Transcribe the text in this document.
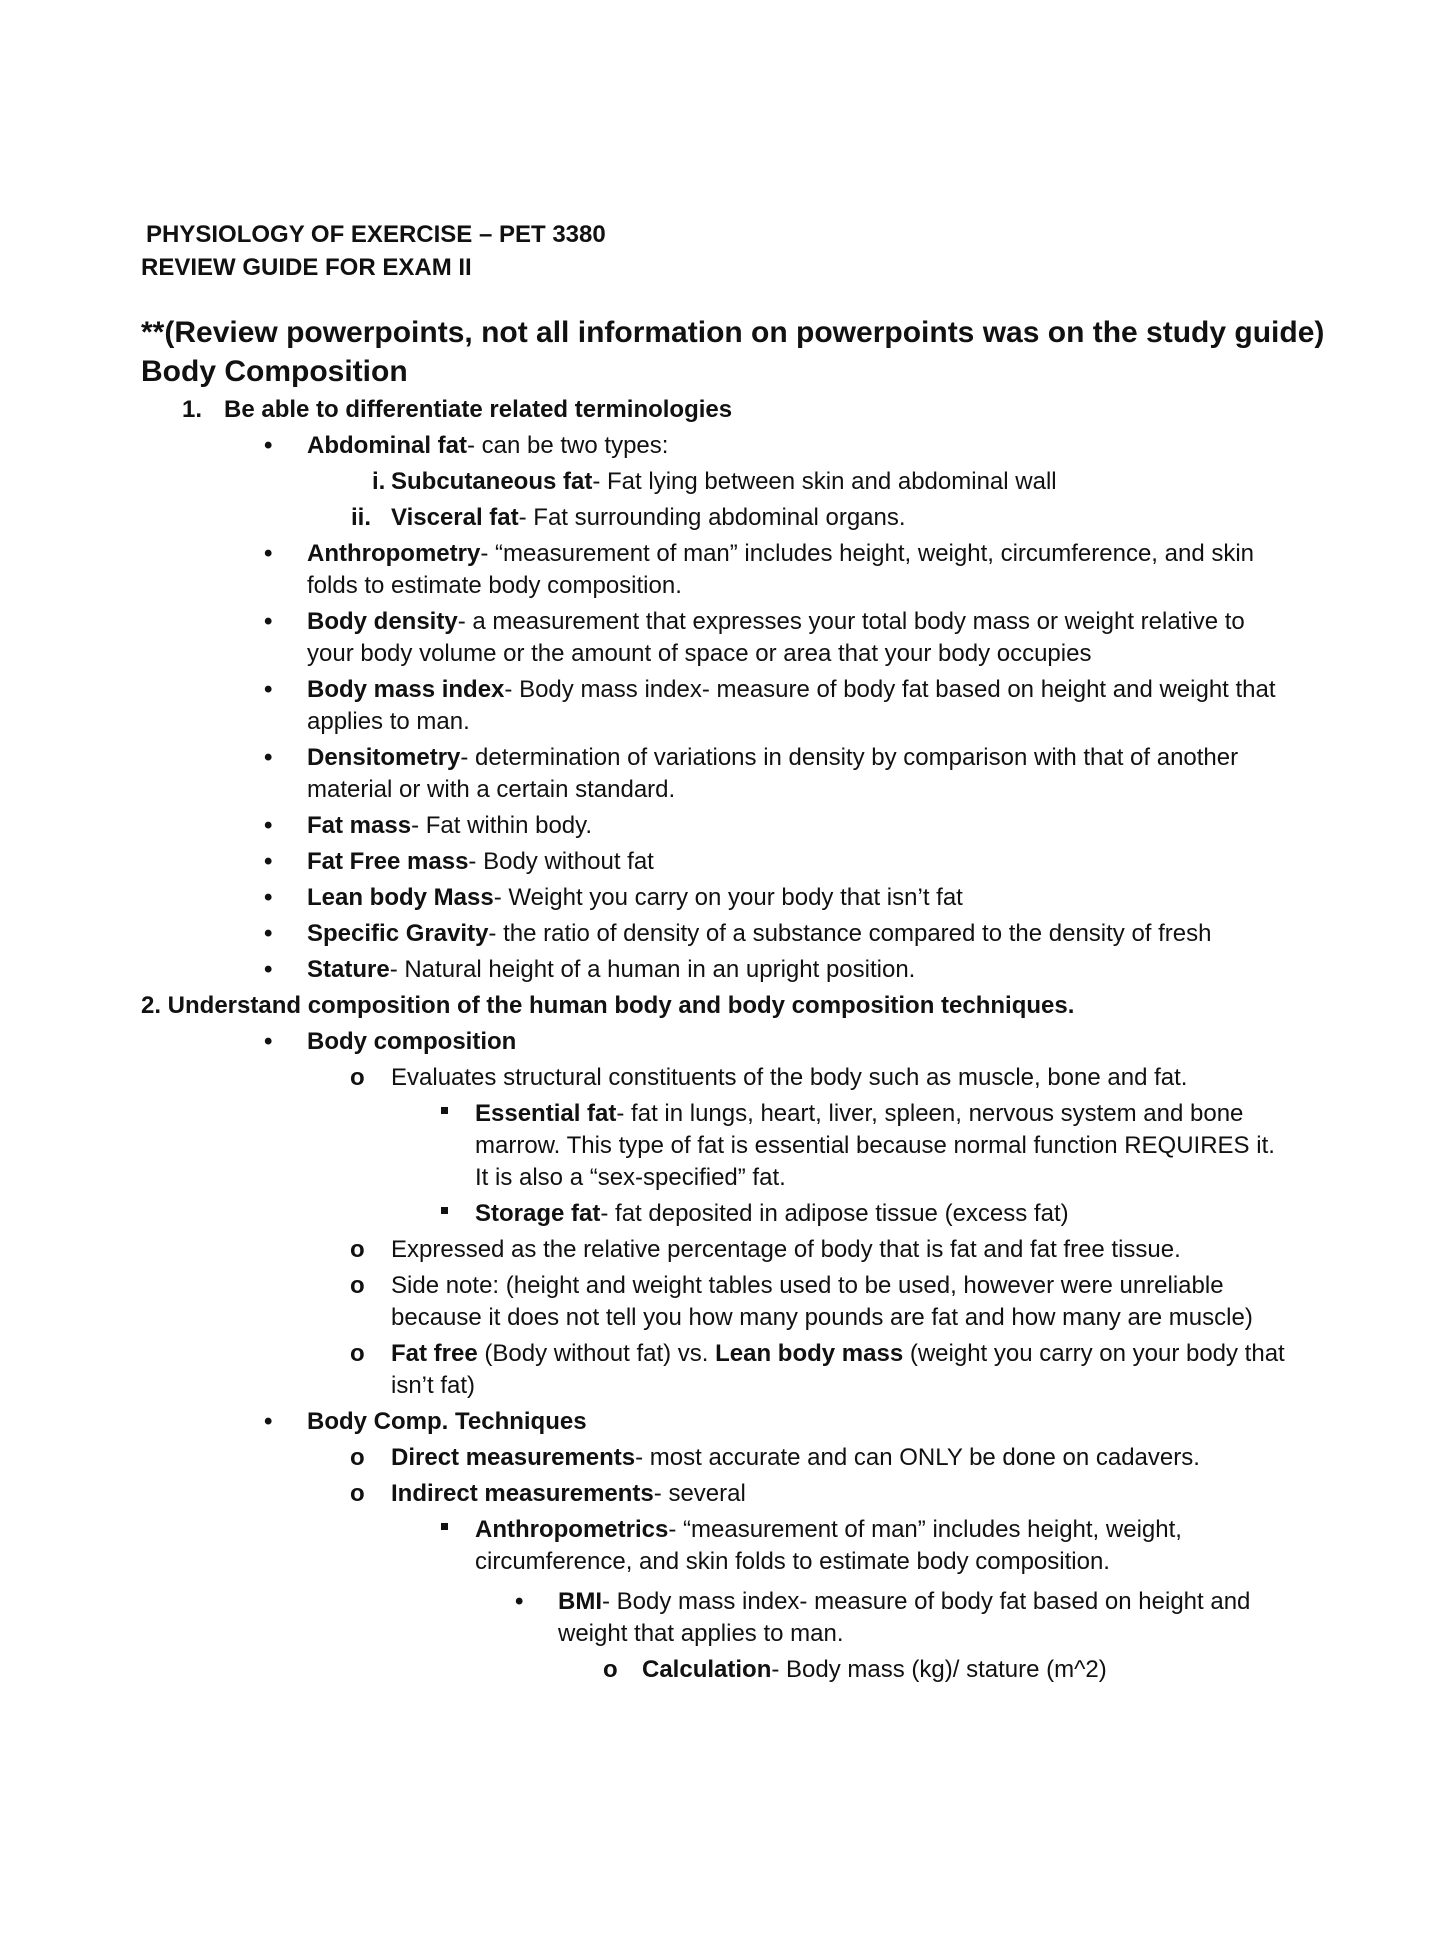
PHYSIOLOGY OF EXERCISE – PET 3380
REVIEW GUIDE FOR EXAM II
**(Review powerpoints, not all information on powerpoints was on the study guide)
Body Composition
1. Be able to differentiate related terminologies
• Abdominal fat- can be two types:
i. Subcutaneous fat- Fat lying between skin and abdominal wall
ii. Visceral fat- Fat surrounding abdominal organs.
• Anthropometry- “measurement of man” includes height, weight, circumference, and skin
folds to estimate body composition.
• Body density- a measurement that expresses your total body mass or weight relative to
your body volume or the amount of space or area that your body occupies
• Body mass index- Body mass index- measure of body fat based on height and weight that
applies to man.
• Densitometry- determination of variations in density by comparison with that of another
material or with a certain standard.
• Fat mass- Fat within body.
• Fat Free mass- Body without fat
• Lean body Mass- Weight you carry on your body that isn’t fat
• Specific Gravity- the ratio of density of a substance compared to the density of fresh
• Stature- Natural height of a human in an upright position.
2. Understand composition of the human body and body composition techniques.
• Body composition
o Evaluates structural constituents of the body such as muscle, bone and fat.
Essential fat- fat in lungs, heart, liver, spleen, nervous system and bone
marrow. This type of fat is essential because normal function REQUIRES it.
It is also a “sex-specified” fat.
Storage fat- fat deposited in adipose tissue (excess fat)
o Expressed as the relative percentage of body that is fat and fat free tissue.
o Side note: (height and weight tables used to be used, however were unreliable
because it does not tell you how many pounds are fat and how many are muscle)
o Fat free (Body without fat) vs. Lean body mass (weight you carry on your body that
isn’t fat)
• Body Comp. Techniques
o Direct measurements- most accurate and can ONLY be done on cadavers.
o Indirect measurements- several
Anthropometrics- “measurement of man” includes height, weight,
circumference, and skin folds to estimate body composition.
• BMI- Body mass index- measure of body fat based on height and
weight that applies to man.
o Calculation- Body mass (kg)/ stature (m^2)
